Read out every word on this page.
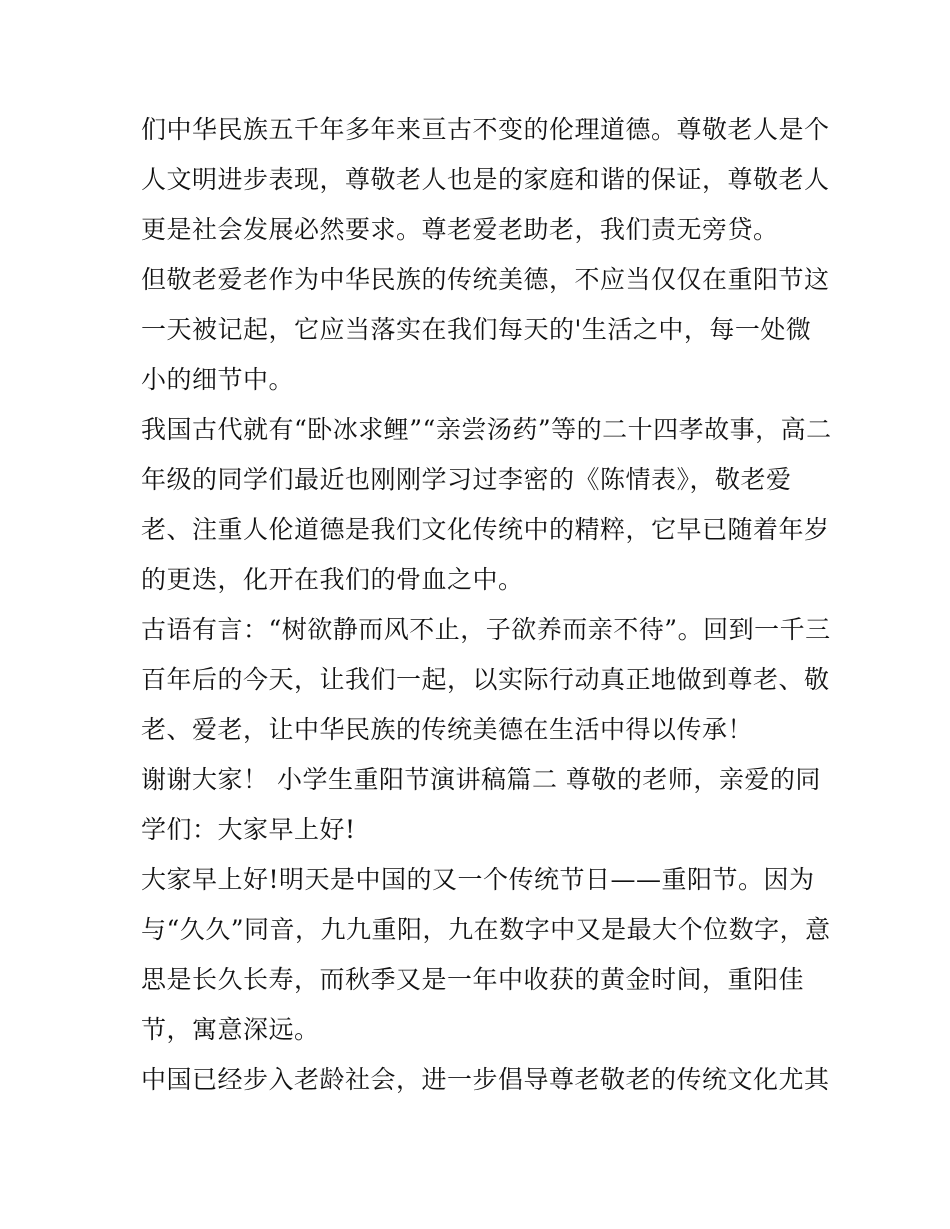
们中华民族五千年多年来亘古不变的伦理道德。尊敬老人是个
人文明进步表现，尊敬老人也是的家庭和谐的保证，尊敬老人
更是社会发展必然要求。尊老爱老助老，我们责无旁贷。
但敬老爱老作为中华民族的传统美德，不应当仅仅在重阳节这
一天被记起，它应当落实在我们每天的'生活之中，每一处微
小的细节中。
我国古代就有“卧冰求鲤”“亲尝汤药”等的二十四孝故事，高二
年级的同学们最近也刚刚学习过李密的《陈情表》，敬老爱
老、注重人伦道德是我们文化传统中的精粹，它早已随着年岁
的更迭，化开在我们的骨血之中。
古语有言：“树欲静而风不止，子欲养而亲不待”。回到一千三
百年后的今天，让我们一起，以实际行动真正地做到尊老、敬
老、爱老，让中华民族的传统美德在生活中得以传承！
谢谢大家！ 小学生重阳节演讲稿篇二 尊敬的老师，亲爱的同
学们：大家早上好!
大家早上好!明天是中国的又一个传统节日——重阳节。因为
与“久久”同音，九九重阳，九在数字中又是最大个位数字，意
思是长久长寿，而秋季又是一年中收获的黄金时间，重阳佳
节，寓意深远。
中国已经步入老龄社会，进一步倡导尊老敬老的传统文化尤其
